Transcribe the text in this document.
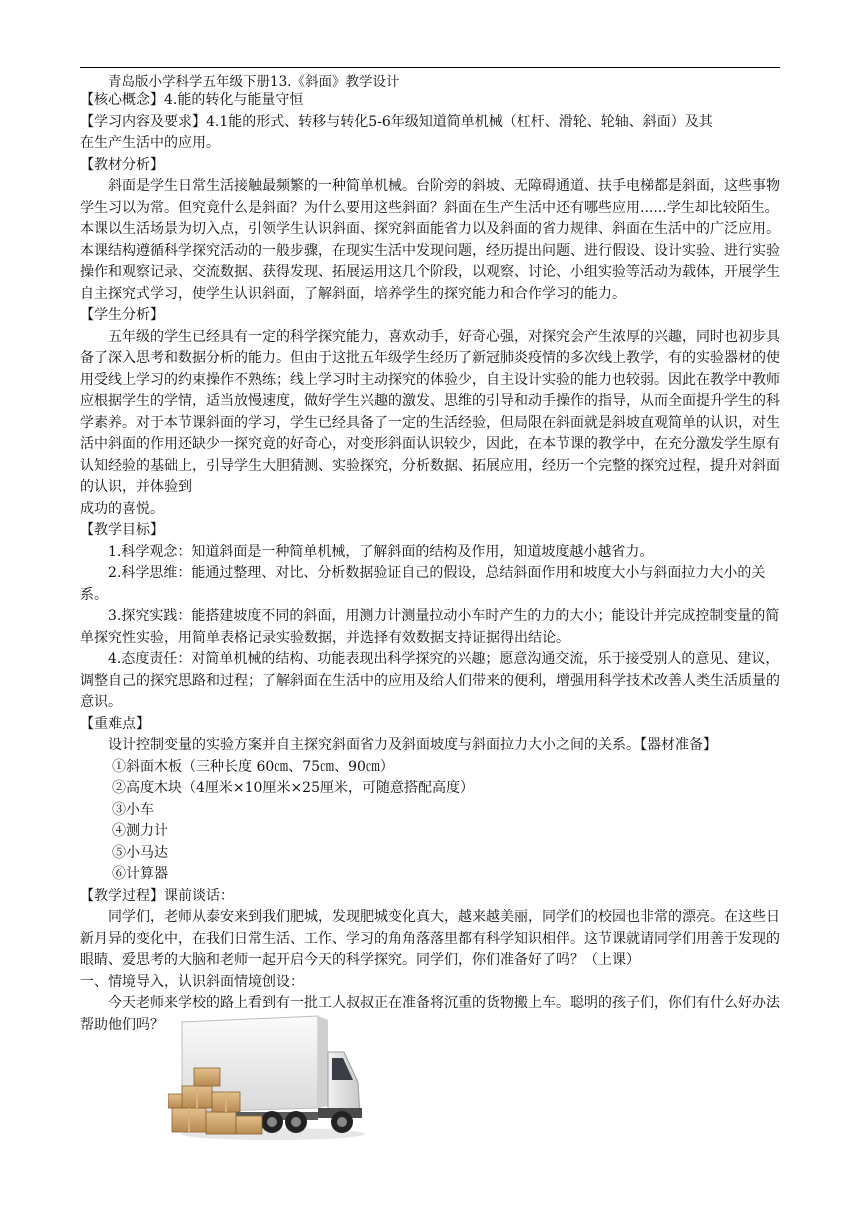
青岛版小学科学五年级下册13.《斜面》教学设计

【核心概念】4.能的转化与能量守恒

【学习内容及要求】4.1能的形式、转移与转化5-6年级知道简单机械（杠杆、滑轮、轮轴、斜面）及其

在生产生活中的应用。

【教材分析】

斜面是学生日常生活接触最频繁的一种简单机械。台阶旁的斜坡、无障碍通道、扶手电梯都是斜面，这些事物学生习以为常。但究竟什么是斜面？为什么要用这些斜面？斜面在生产生活中还有哪些应用......学生却比较陌生。本课以生活场景为切入点，引领学生认识斜面、探究斜面能省力以及斜面的省力规律、斜面在生活中的广泛应用。本课结构遵循科学探究活动的一般步骤，在现实生活中发现问题，经历提出问题、进行假设、设计实验、进行实验操作和观察记录、交流数据、获得发现、拓展运用这几个阶段，以观察、讨论、小组实验等活动为载体，开展学生自主探究式学习，使学生认识斜面，了解斜面，培养学生的探究能力和合作学习的能力。

【学生分析】

五年级的学生已经具有一定的科学探究能力，喜欢动手，好奇心强，对探究会产生浓厚的兴趣，同时也初步具备了深入思考和数据分析的能力。但由于这批五年级学生经历了新冠肺炎疫情的多次线上教学，有的实验器材的使用受线上学习的约束操作不熟练；线上学习时主动探究的体验少，自主设计实验的能力也较弱。因此在教学中教师应根据学生的学情，适当放慢速度，做好学生兴趣的激发、思维的引导和动手操作的指导，从而全面提升学生的科学素养。对于本节课斜面的学习，学生已经具备了一定的生活经验，但局限在斜面就是斜坡直观简单的认识，对生活中斜面的作用还缺少一探究竟的好奇心，对变形斜面认识较少，因此，在本节课的教学中，在充分激发学生原有认知经验的基础上，引导学生大胆猜测、实验探究，分析数据、拓展应用，经历一个完整的探究过程，提升对斜面的认识，并体验到

成功的喜悦。

【教学目标】

1.科学观念：知道斜面是一种简单机械，了解斜面的结构及作用，知道坡度越小越省力。

2.科学思维：能通过整理、对比、分析数据验证自己的假设，总结斜面作用和坡度大小与斜面拉力大小的关系。

3.探究实践：能搭建坡度不同的斜面，用测力计测量拉动小车时产生的力的大小；能设计并完成控制变量的简单探究性实验，用简单表格记录实验数据，并选择有效数据支持证据得出结论。

4.态度责任：对简单机械的结构、功能表现出科学探究的兴趣；愿意沟通交流，乐于接受别人的意见、建议，调整自己的探究思路和过程；了解斜面在生活中的应用及给人们带来的便利，增强用科学技术改善人类生活质量的意识。

【重难点】

设计控制变量的实验方案并自主探究斜面省力及斜面坡度与斜面拉力大小之间的关系。【器材准备】

①斜面木板（三种长度 60㎝、75㎝、90㎝）

②高度木块（4厘米×10厘米×25厘米，可随意搭配高度）

③小车

④测力计

⑤小马达

⑥计算器

【教学过程】课前谈话：

同学们，老师从泰安来到我们肥城，发现肥城变化真大，越来越美丽，同学们的校园也非常的漂亮。在这些日新月异的变化中，在我们日常生活、工作、学习的角角落落里都有科学知识相伴。这节课就请同学们用善于发现的眼睛、爱思考的大脑和老师一起开启今天的科学探究。同学们，你们准备好了吗？（上课）

一、情境导入，认识斜面情境创设：

今天老师来学校的路上看到有一批工人叔叔正在准备将沉重的货物搬上车。聪明的孩子们，你们有什么好办法帮助他们吗？
